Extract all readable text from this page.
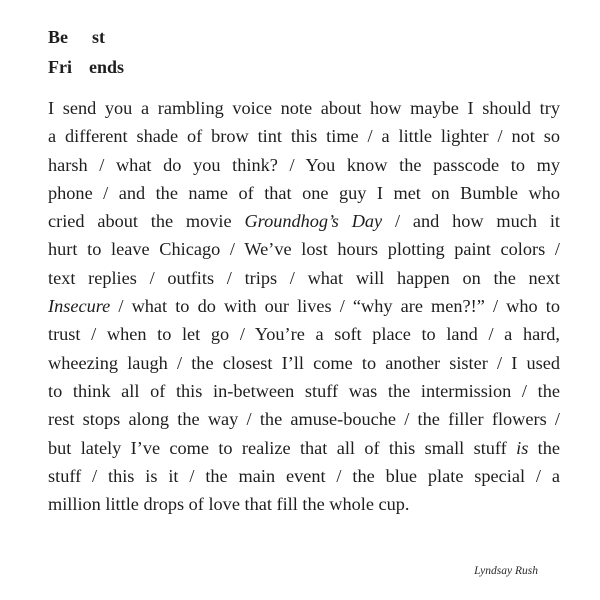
Be st
Fri ends
I send you a rambling voice note about how maybe I should try
a different shade of brow tint this time / a little lighter / not so
harsh / what do you think? / You know the passcode to my
phone / and the name of that one guy I met on Bumble who
cried about the movie Groundhog’s Day / and how much it
hurt to leave Chicago / We’ve lost hours plotting paint colors /
text replies / outfits / trips / what will happen on the next
Insecure / what to do with our lives / “why are men?!” / who to
trust / when to let go / You’re a soft place to land / a hard,
wheezing laugh / the closest I’ll come to another sister / I used
to think all of this in-between stuff was the intermission / the
rest stops along the way / the amuse-bouche / the filler flowers /
but lately I’ve come to realize that all of this small stuff is the
stuff / this is it / the main event / the blue plate special / a
million little drops of love that fill the whole cup.
Lyndsay Rush
